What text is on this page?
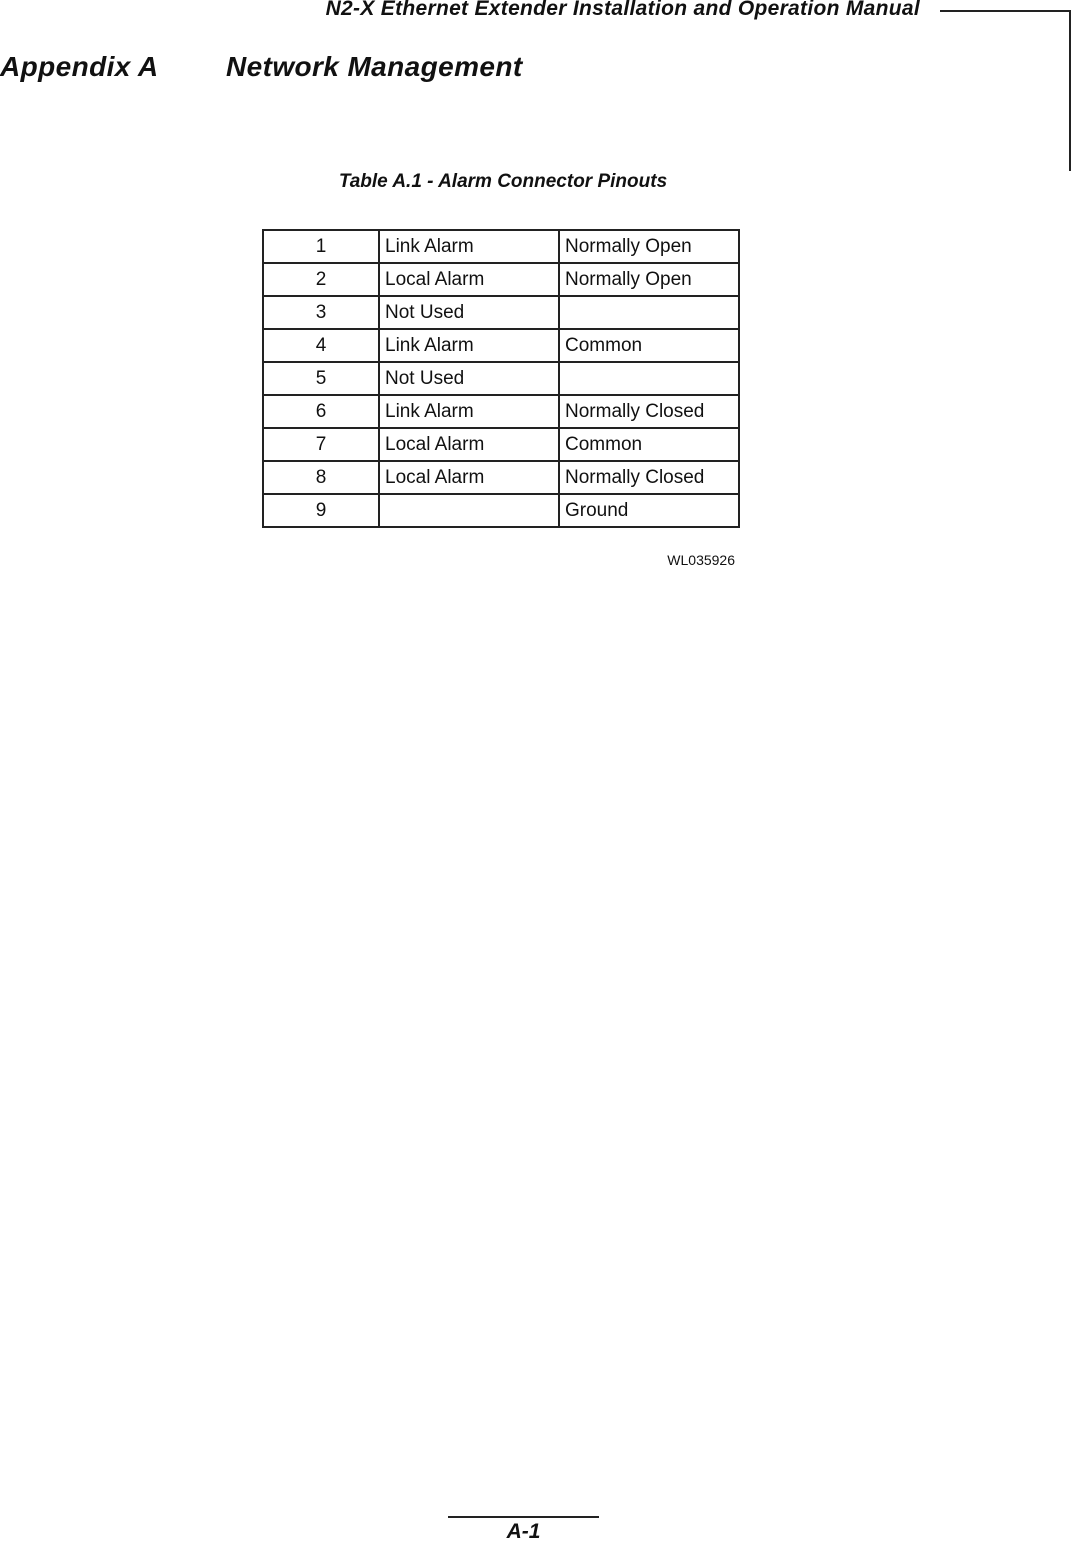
N2-X Ethernet Extender Installation and Operation Manual
Appendix A Network Management
Table A.1 - Alarm Connector Pinouts
1	Link Alarm	Normally Open
2	Local Alarm	Normally Open
3	Not Used	
4	Link Alarm	Common
5	Not Used	
6	Link Alarm	Normally Closed
7	Local Alarm	Common
8	Local Alarm	Normally Closed
9		Ground
WL035926
A-1
